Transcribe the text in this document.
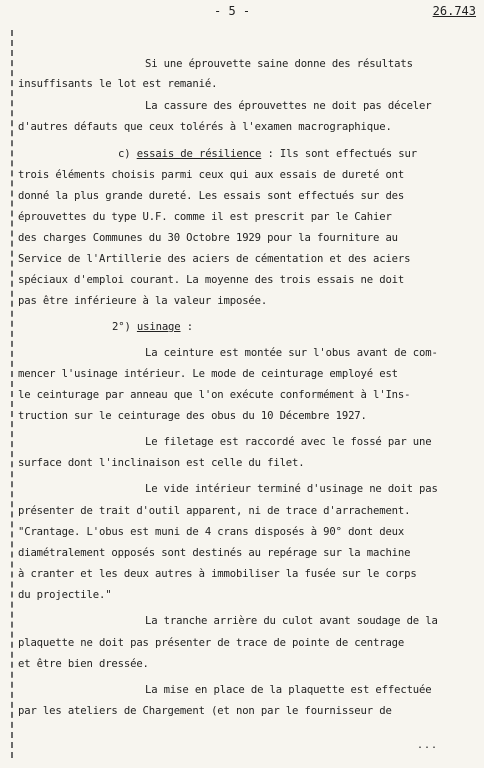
- 5 -	26.743
Si une éprouvette saine donne des résultats
insuffisants le lot est remanié.
La cassure des éprouvettes ne doit pas déceler
d'autres défauts que ceux tolérés à l'examen macrographique.
c) essais de résilience : Ils sont effectués sur
trois éléments choisis parmi ceux qui aux essais de dureté ont
donné la plus grande dureté. Les essais sont effectués sur des
éprouvettes du type U.F. comme il est prescrit par le Cahier
des charges Communes du 30 Octobre 1929 pour la fourniture au
Service de l'Artillerie des aciers de cémentation et des aciers
spéciaux d'emploi courant. La moyenne des trois essais ne doit
pas être inférieure à la valeur imposée.
2°) usinage :
La ceinture est montée sur l'obus avant de com-
mencer l'usinage intérieur. Le mode de ceinturage employé est
le ceinturage par anneau que l'on exécute conformément à l'Ins-
truction sur le ceinturage des obus du 10 Décembre 1927.
Le filetage est raccordé avec le fossé par une
surface dont l'inclinaison est celle du filet.
Le vide intérieur terminé d'usinage ne doit pas
présenter de trait d'outil apparent, ni de trace d'arrachement.
"Crantage. L'obus est muni de 4 crans disposés à 90° dont deux
diamétralement opposés sont destinés au repérage sur la machine
à cranter et les deux autres à immobiliser la fusée sur le corps
du projectile."
La tranche arrière du culot avant soudage de la
plaquette ne doit pas présenter de trace de pointe de centrage
et être bien dressée.
La mise en place de la plaquette est effectuée
par les ateliers de Chargement (et non par le fournisseur de
...
